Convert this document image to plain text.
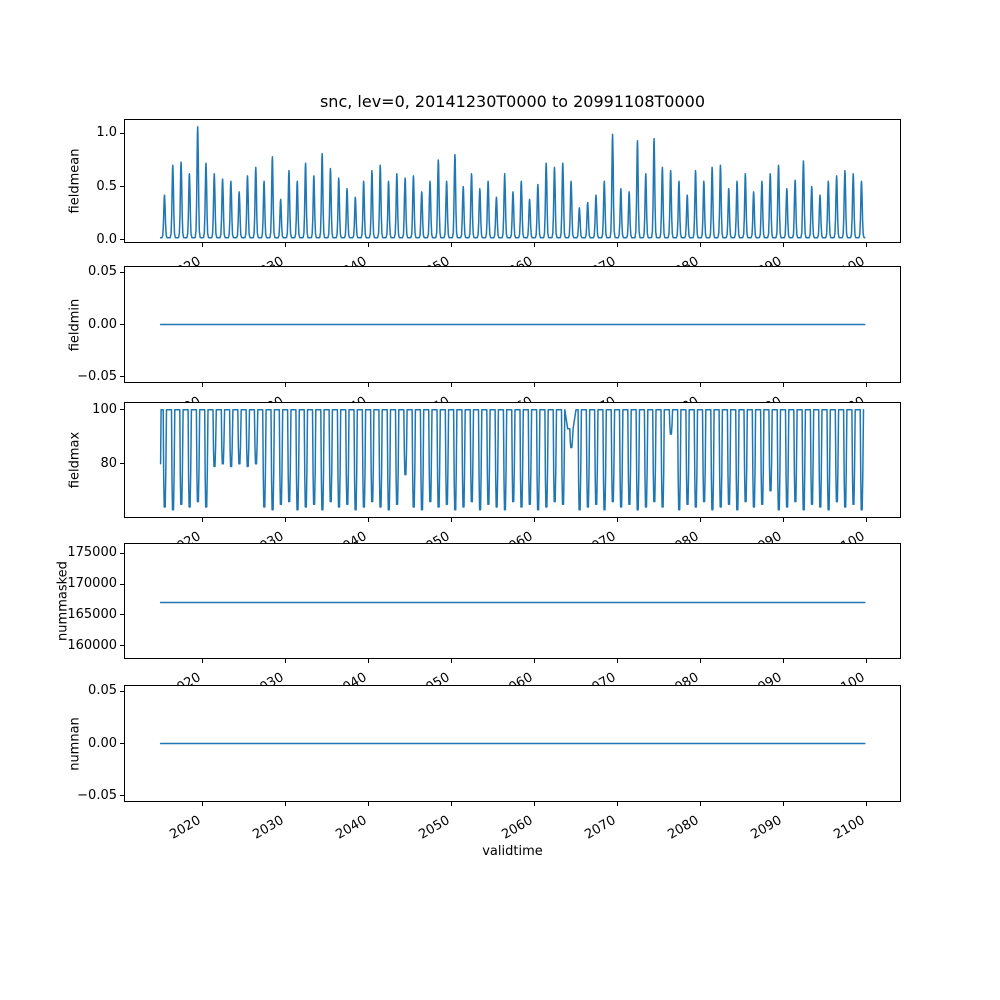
snc, lev=0, 20141230T0000 to 20991108T0000
fieldmean
1.0
0.5
0.0
fieldmin
0.05
0.00
−0.05
fieldmax
100
80
nummasked
175000
170000
165000
160000
numnan
0.05
0.00
−0.05
2020	2030	2040	2050	2060	2070	2080	2090	2100
validtime
